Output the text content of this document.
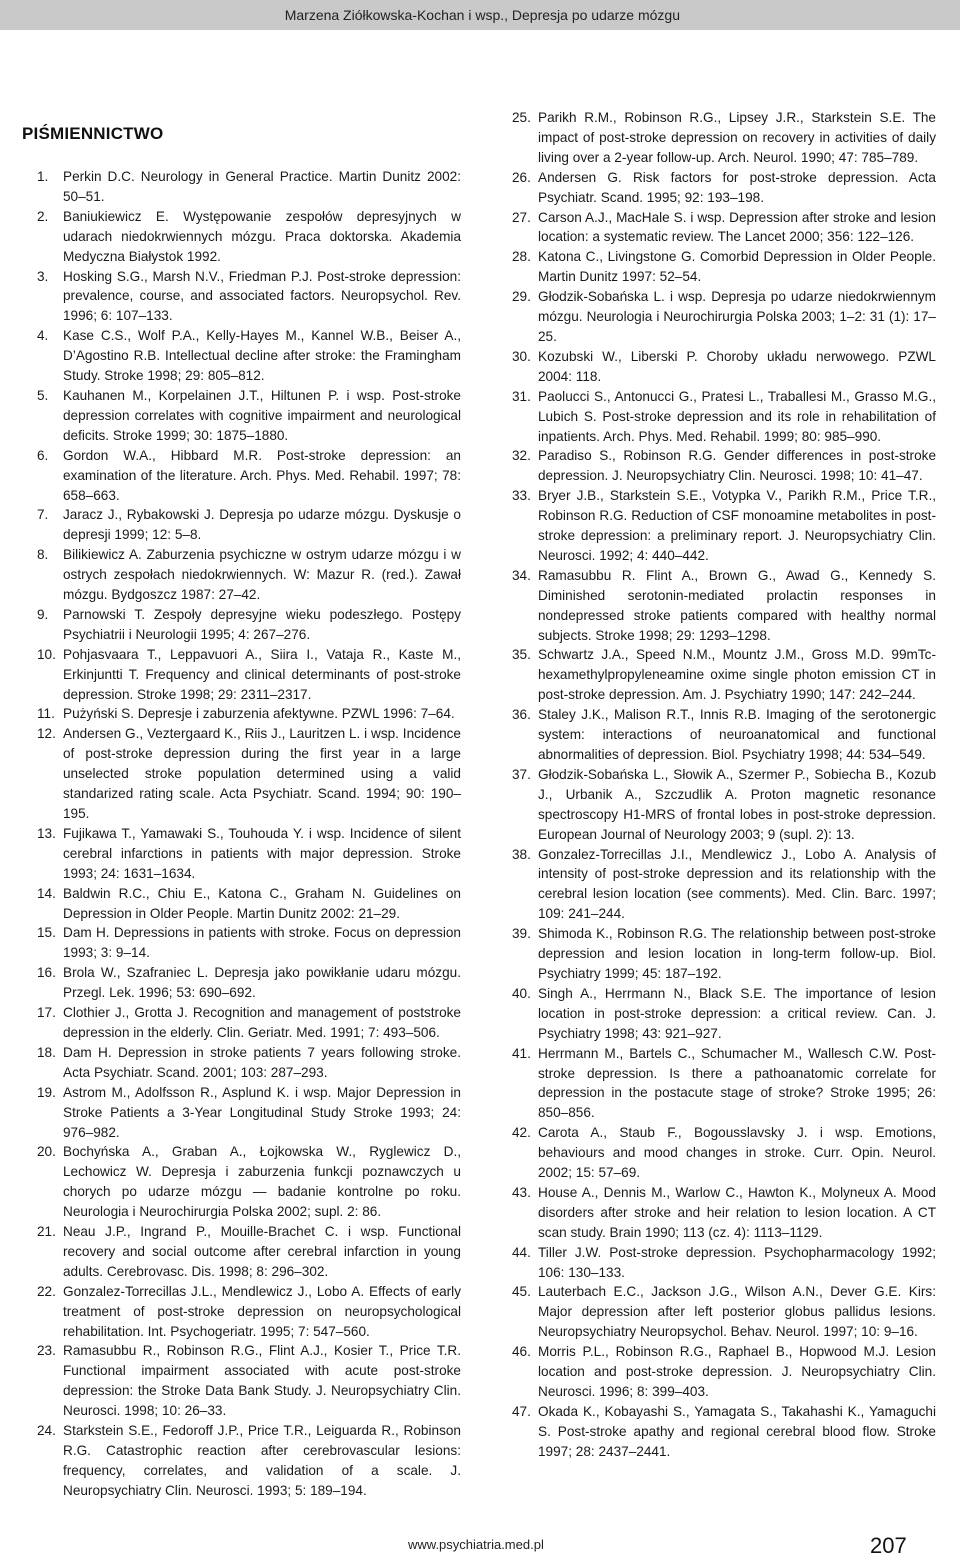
Marzena Ziółkowska-Kochan i wsp., Depresja po udarze mózgu
PIŚMIENNICTWO
1. Perkin D.C. Neurology in General Practice. Martin Dunitz 2002: 50–51.
2. Baniukiewicz E. Występowanie zespołów depresyjnych w udarach niedokrwiennych mózgu. Praca doktorska. Akademia Medyczna Białystok 1992.
3. Hosking S.G., Marsh N.V., Friedman P.J. Post-stroke depression: prevalence, course, and associated factors. Neuropsychol. Rev. 1996; 6: 107–133.
4. Kase C.S., Wolf P.A., Kelly-Hayes M., Kannel W.B., Beiser A., D’Agostino R.B. Intellectual decline after stroke: the Framingham Study. Stroke 1998; 29: 805–812.
5. Kauhanen M., Korpelainen J.T., Hiltunen P. i wsp. Post-stroke depression correlates with cognitive impairment and neurological deficits. Stroke 1999; 30: 1875–1880.
6. Gordon W.A., Hibbard M.R. Post-stroke depression: an examination of the literature. Arch. Phys. Med. Rehabil. 1997; 78: 658–663.
7. Jaracz J., Rybakowski J. Depresja po udarze mózgu. Dyskusje o depresji 1999; 12: 5–8.
8. Bilikiewicz A. Zaburzenia psychiczne w ostrym udarze mózgu i w ostrych zespołach niedokrwiennych. W: Mazur R. (red.). Zawał mózgu. Bydgoszcz 1987: 27–42.
9. Parnowski T. Zespoły depresyjne wieku podeszłego. Postępy Psychiatrii i Neurologii 1995; 4: 267–276.
10. Pohjasvaara T., Leppavuori A., Siira I., Vataja R., Kaste M., Erkinjuntti T. Frequency and clinical determinants of post-stroke depression. Stroke 1998; 29: 2311–2317.
11. Pużyński S. Depresje i zaburzenia afektywne. PZWL 1996: 7–64.
12. Andersen G., Veztergaard K., Riis J., Lauritzen L. i wsp. Incidence of post-stroke depression during the first year in a large unselected stroke population determined using a valid standarized rating scale. Acta Psychiatr. Scand. 1994; 90: 190–195.
13. Fujikawa T., Yamawaki S., Touhouda Y. i wsp. Incidence of silent cerebral infarctions in patients with major depression. Stroke 1993; 24: 1631–1634.
14. Baldwin R.C., Chiu E., Katona C., Graham N. Guidelines on Depression in Older People. Martin Dunitz 2002: 21–29.
15. Dam H. Depressions in patients with stroke. Focus on depression 1993; 3: 9–14.
16. Brola W., Szafraniec L. Depresja jako powikłanie udaru mózgu. Przegl. Lek. 1996; 53: 690–692.
17. Clothier J., Grotta J. Recognition and management of poststroke depression in the elderly. Clin. Geriatr. Med. 1991; 7: 493–506.
18. Dam H. Depression in stroke patients 7 years following stroke. Acta Psychiatr. Scand. 2001; 103: 287–293.
19. Astrom M., Adolfsson R., Asplund K. i wsp. Major Depression in Stroke Patients a 3-Year Longitudinal Study Stroke 1993; 24: 976–982.
20. Bochyńska A., Graban A., Łojkowska W., Ryglewicz D., Lechowicz W. Depresja i zaburzenia funkcji poznawczych u chorych po udarze mózgu — badanie kontrolne po roku. Neurologia i Neurochirurgia Polska 2002; supl. 2: 86.
21. Neau J.P., Ingrand P., Mouille-Brachet C. i wsp. Functional recovery and social outcome after cerebral infarction in young adults. Cerebrovasc. Dis. 1998; 8: 296–302.
22. Gonzalez-Torrecillas J.L., Mendlewicz J., Lobo A. Effects of early treatment of post-stroke depression on neuropsychological rehabilitation. Int. Psychogeriatr. 1995; 7: 547–560.
23. Ramasubbu R., Robinson R.G., Flint A.J., Kosier T., Price T.R. Functional impairment associated with acute post-stroke depression: the Stroke Data Bank Study. J. Neuropsychiatry Clin. Neurosci. 1998; 10: 26–33.
24. Starkstein S.E., Fedoroff J.P., Price T.R., Leiguarda R., Robinson R.G. Catastrophic reaction after cerebrovascular lesions: frequency, correlates, and validation of a scale. J. Neuropsychiatry Clin. Neurosci. 1993; 5: 189–194.
25. Parikh R.M., Robinson R.G., Lipsey J.R., Starkstein S.E. The impact of post-stroke depression on recovery in activities of daily living over a 2-year follow-up. Arch. Neurol. 1990; 47: 785–789.
26. Andersen G. Risk factors for post-stroke depression. Acta Psychiatr. Scand. 1995; 92: 193–198.
27. Carson A.J., MacHale S. i wsp. Depression after stroke and lesion location: a systematic review. The Lancet 2000; 356: 122–126.
28. Katona C., Livingstone G. Comorbid Depression in Older People. Martin Dunitz 1997: 52–54.
29. Głodzik-Sobańska L. i wsp. Depresja po udarze niedokrwiennym mózgu. Neurologia i Neurochirurgia Polska 2003; 1–2: 31 (1): 17–25.
30. Kozubski W., Liberski P. Choroby układu nerwowego. PZWL 2004: 118.
31. Paolucci S., Antonucci G., Pratesi L., Traballesi M., Grasso M.G., Lubich S. Post-stroke depression and its role in rehabilitation of inpatients. Arch. Phys. Med. Rehabil. 1999; 80: 985–990.
32. Paradiso S., Robinson R.G. Gender differences in post-stroke depression. J. Neuropsychiatry Clin. Neurosci. 1998; 10: 41–47.
33. Bryer J.B., Starkstein S.E., Votypka V., Parikh R.M., Price T.R., Robinson R.G. Reduction of CSF monoamine metabolites in post-stroke depression: a preliminary report. J. Neuropsychiatry Clin. Neurosci. 1992; 4: 440–442.
34. Ramasubbu R. Flint A., Brown G., Awad G., Kennedy S. Diminished serotonin-mediated prolactin responses in nondepressed stroke patients compared with healthy normal subjects. Stroke 1998; 29: 1293–1298.
35. Schwartz J.A., Speed N.M., Mountz J.M., Gross M.D. 99mTc-hexamethylpropyleneamine oxime single photon emission CT in post-stroke depression. Am. J. Psychiatry 1990; 147: 242–244.
36. Staley J.K., Malison R.T., Innis R.B. Imaging of the serotonergic system: interactions of neuroanatomical and functional abnormalities of depression. Biol. Psychiatry 1998; 44: 534–549.
37. Głodzik-Sobańska L., Słowik A., Szermer P., Sobiecha B., Kozub J., Urbanik A., Szczudlik A. Proton magnetic resonance spectroscopy H1-MRS of frontal lobes in post-stroke depression. European Journal of Neurology 2003; 9 (supl. 2): 13.
38. Gonzalez-Torrecillas J.I., Mendlewicz J., Lobo A. Analysis of intensity of post-stroke depression and its relationship with the cerebral lesion location (see comments). Med. Clin. Barc. 1997; 109: 241–244.
39. Shimoda K., Robinson R.G. The relationship between post-stroke depression and lesion location in long-term follow-up. Biol. Psychiatry 1999; 45: 187–192.
40. Singh A., Herrmann N., Black S.E. The importance of lesion location in post-stroke depression: a critical review. Can. J. Psychiatry 1998; 43: 921–927.
41. Herrmann M., Bartels C., Schumacher M., Wallesch C.W. Post-stroke depression. Is there a pathoanatomic correlate for depression in the postacute stage of stroke? Stroke 1995; 26: 850–856.
42. Carota A., Staub F., Bogousslavsky J. i wsp. Emotions, behaviours and mood changes in stroke. Curr. Opin. Neurol. 2002; 15: 57–69.
43. House A., Dennis M., Warlow C., Hawton K., Molyneux A. Mood disorders after stroke and heir relation to lesion location. A CT scan study. Brain 1990; 113 (cz. 4): 1113–1129.
44. Tiller J.W. Post-stroke depression. Psychopharmacology 1992; 106: 130–133.
45. Lauterbach E.C., Jackson J.G., Wilson A.N., Dever G.E. Kirs: Major depression after left posterior globus pallidus lesions. Neuropsychiatry Neuropsychol. Behav. Neurol. 1997; 10: 9–16.
46. Morris P.L., Robinson R.G., Raphael B., Hopwood M.J. Lesion location and post-stroke depression. J. Neuropsychiatry Clin. Neurosci. 1996; 8: 399–403.
47. Okada K., Kobayashi S., Yamagata S., Takahashi K., Yamaguchi S. Post-stroke apathy and regional cerebral blood flow. Stroke 1997; 28: 2437–2441.
www.psychiatria.med.pl	207
